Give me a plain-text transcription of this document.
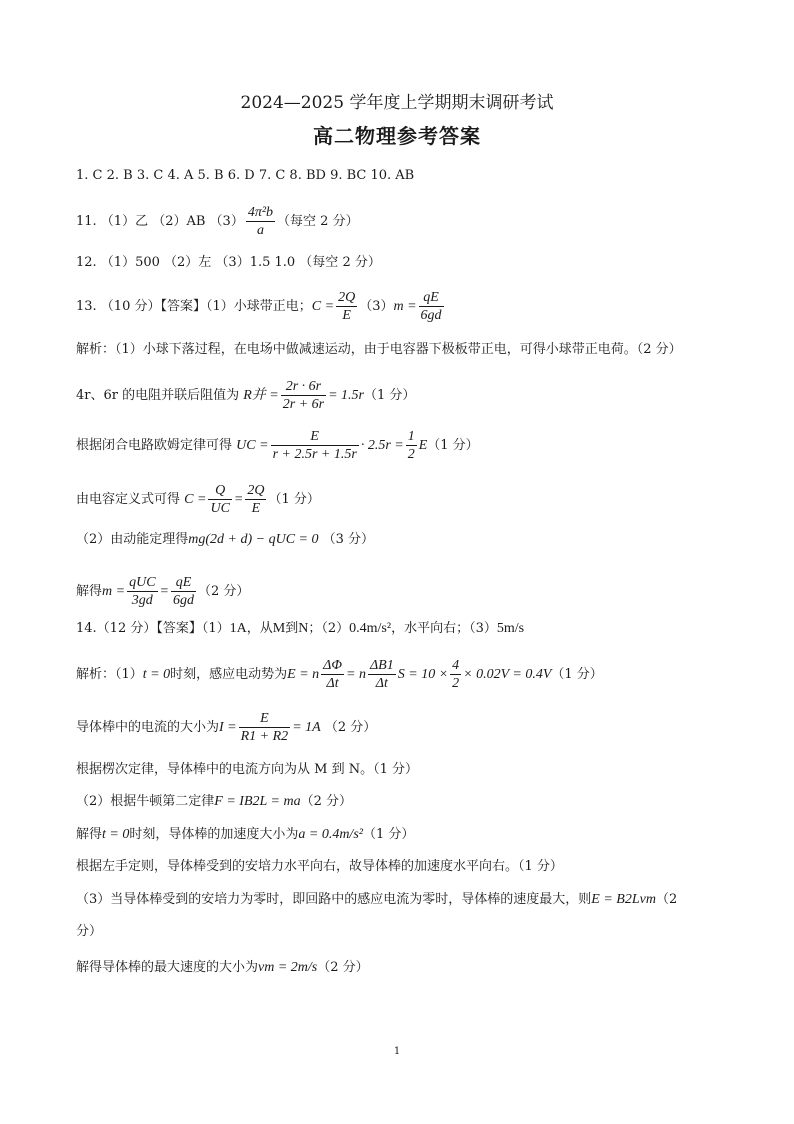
2024—2025 学年度上学期期末调研考试
高二物理参考答案
1. C 2. B 3. C 4. A 5. B 6. D 7. C 8. BD 9. BC 10. AB
11. （1）乙 （2）AB $(3) \frac{\text{4π²b}}{a}$ （每空 2 分）
12. （1）500 （2）左 （3）1.5 1.0 （每空 2 分）
13. （10 分）【答案】（1）小球带正电；$C = \frac{2Q}{E} (3)m = \frac{qE}{6gd}$
解析：（1）小球下落过程，在电场中做减速运动，由于电容器下极板带正电，可得小球带正电荷。（2 分）
4r、6r 的电阻并联后阻值为 R并 = $\frac{2r \cdot 6r}{2r + 6r} = 1.5r(1$ 分）
根据闭合电路欧姆定律可得 UC = $\frac{E}{r + 2.5r + 1.5r} \cdot 2.5r = \frac{1}{2} E(1$ 分）
由电容定义式可得 $C = \frac{Q}{UC} = \frac{2Q}{E} (1$ 分）
（2）由动能定理得mg(2d + d) − qUC = 0 （3 分）
解得$m = \frac{\text{qUC}}{3gd} = \frac{qE}{6gd} (2$ 分）
14.（12 分）【答案】（1）1A，从M到N；（2）0.4m/s²，水平向右；（3）5m/s
解析：（1）t = 0时刻，感应电动势为E = n $\frac{\Delta\Phi}{\Delta t} = n \frac{\Delta B1}{\Delta t}$ $S = 10 \times \frac{4}{2} \times 0.02V = 0.4V(1$ 分）
导体棒中的电流的大小为$I = \frac{E}{R1 + R2} = 1A$ （2 分）
根据楞次定律，导体棒中的电流方向为从 M 到 N。（1 分）
（2）根据牛顿第二定律F = IB2L = ma（2 分）
解得t = 0时刻，导体棒的加速度大小为a = 0.4m/s²（1 分）
根据左手定则，导体棒受到的安培力水平向右，故导体棒的加速度水平向右。（1 分）
（3）当导体棒受到的安培力为零时，即回路中的感应电流为零时，导体棒的速度最大，则E = B2Lvm（2
分）
解得导体棒的最大速度的大小为vm = 2m/s（2 分）
1
